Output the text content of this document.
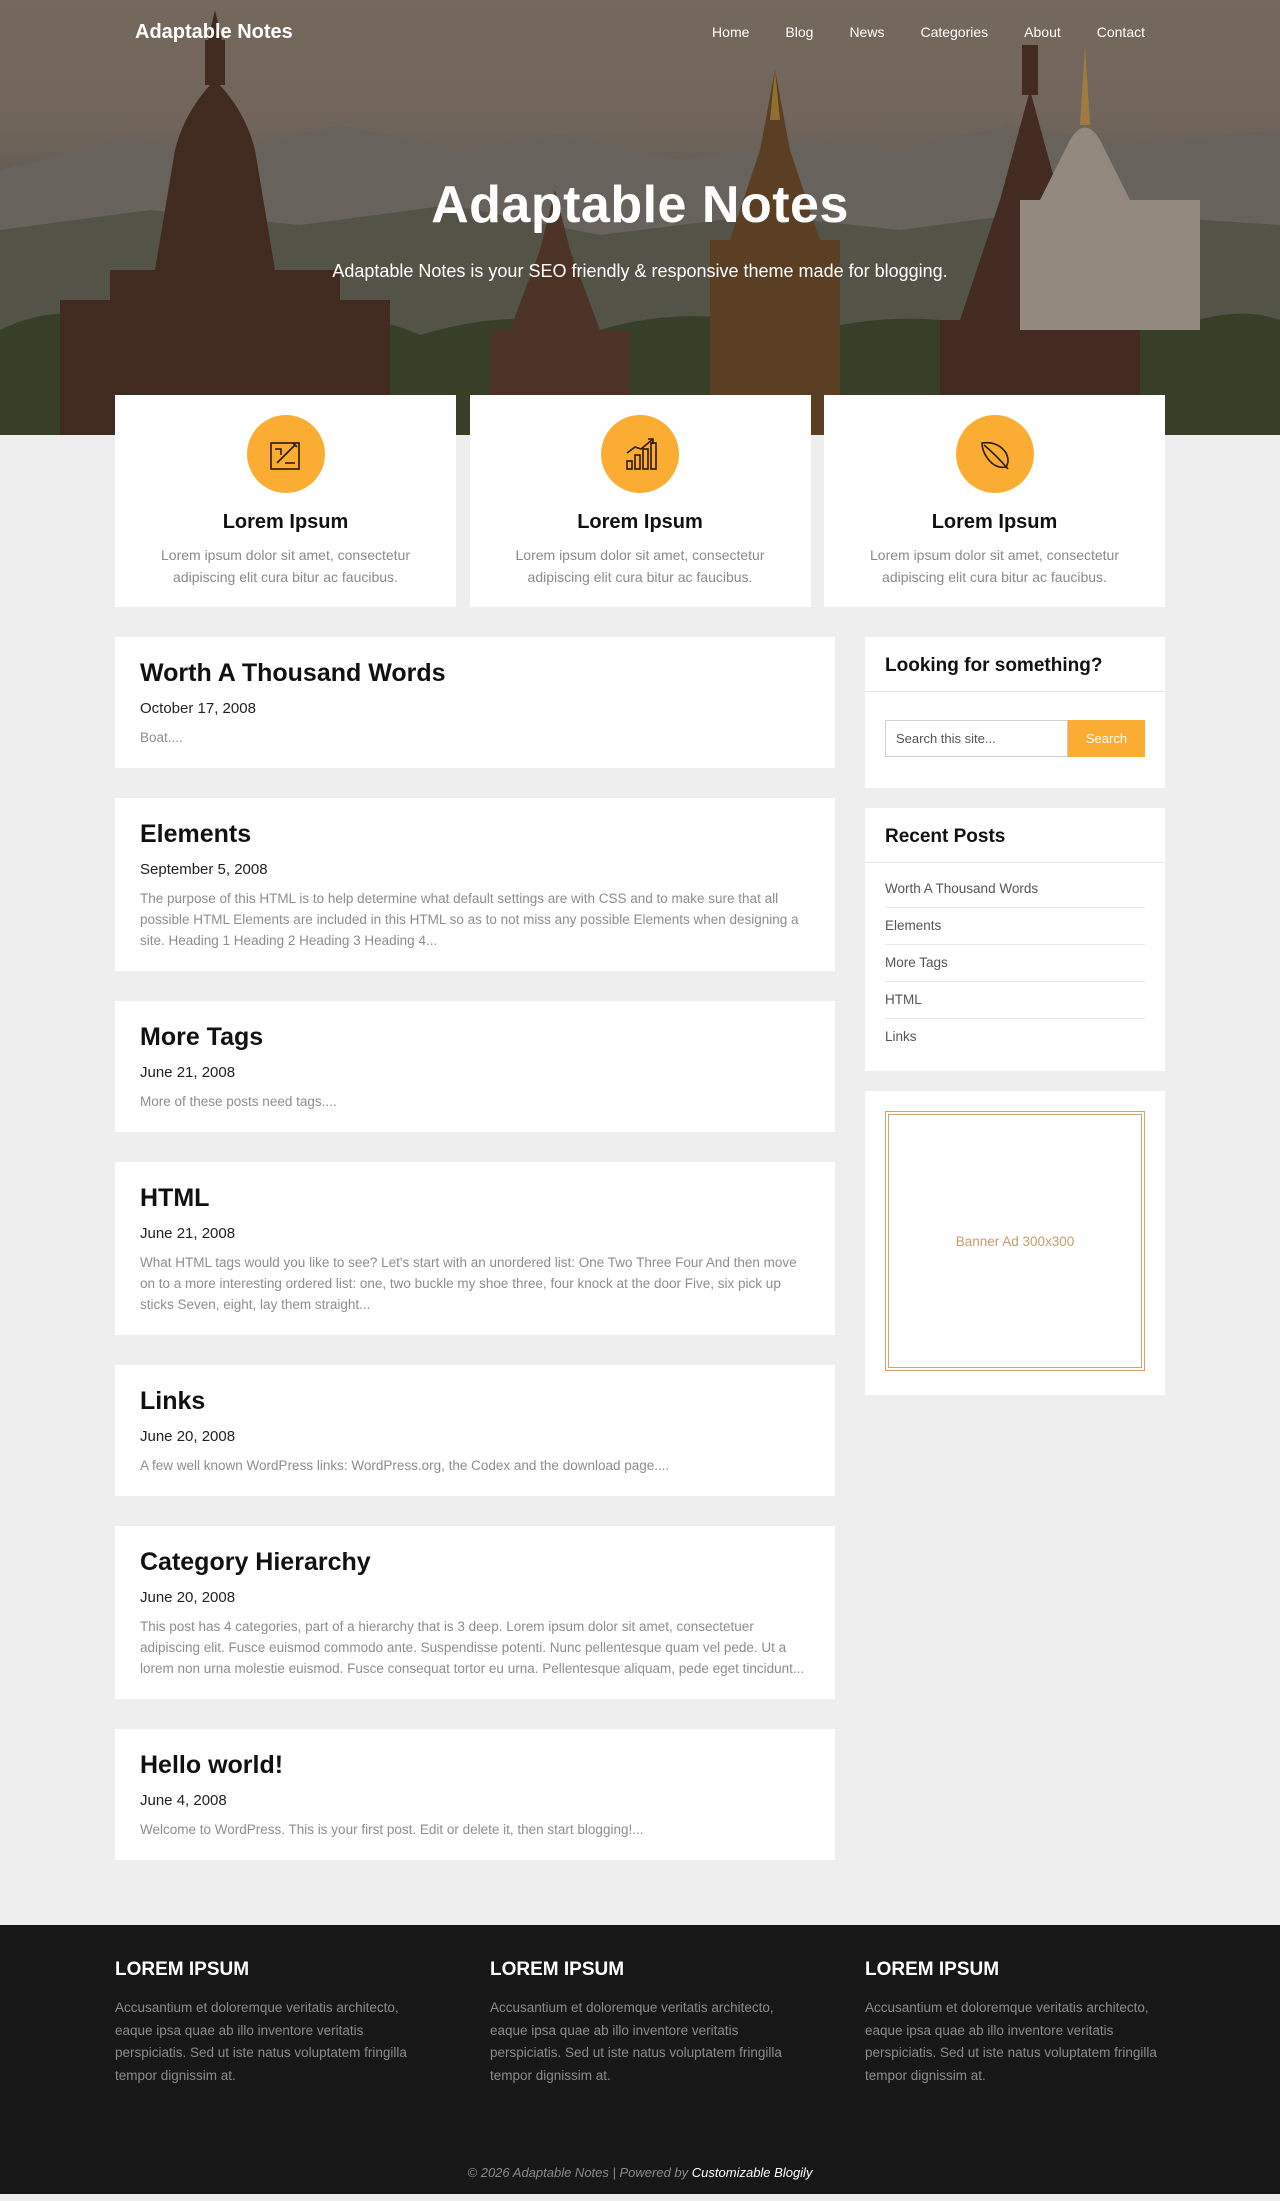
Adaptable Notes	Home	Blog	News	Categories	About	Contact
Adaptable Notes

Adaptable Notes is your SEO friendly & responsive theme made for blogging.

Lorem Ipsum

Lorem ipsum dolor sit amet, consectetur adipiscing elit cura bitur ac faucibus.

Lorem Ipsum

Lorem ipsum dolor sit amet, consectetur adipiscing elit cura bitur ac faucibus.

Lorem Ipsum

Lorem ipsum dolor sit amet, consectetur adipiscing elit cura bitur ac faucibus.

Worth A Thousand Words
October 17, 2008

Boat....

Elements
September 5, 2008

The purpose of this HTML is to help determine what default settings are with CSS and to make sure that all possible HTML Elements are included in this HTML so as to not miss any possible Elements when designing a site. Heading 1 Heading 2 Heading 3 Heading 4...

More Tags
June 21, 2008

More of these posts need tags....

HTML
June 21, 2008

What HTML tags would you like to see? Let's start with an unordered list: One Two Three Four And then move on to a more interesting ordered list: one, two buckle my shoe three, four knock at the door Five, six pick up sticks Seven, eight, lay them straight...

Links
June 20, 2008

A few well known WordPress links: WordPress.org, the Codex and the download page....

Category Hierarchy
June 20, 2008

This post has 4 categories, part of a hierarchy that is 3 deep. Lorem ipsum dolor sit amet, consectetuer adipiscing elit. Fusce euismod commodo ante. Suspendisse potenti. Nunc pellentesque quam vel pede. Ut a lorem non urna molestie euismod. Fusce consequat tortor eu urna. Pellentesque aliquam, pede eget tincidunt...

Hello world!
June 4, 2008

Welcome to WordPress. This is your first post. Edit or delete it, then start blogging!...

Looking for something?
Search this site...
Search
Recent Posts
Worth A Thousand Words
Elements
More Tags
HTML
Links
Banner Ad 300x300
LOREM IPSUM

Accusantium et doloremque veritatis architecto, eaque ipsa quae ab illo inventore veritatis perspiciatis. Sed ut iste natus voluptatem fringilla tempor dignissim at.

LOREM IPSUM

Accusantium et doloremque veritatis architecto, eaque ipsa quae ab illo inventore veritatis perspiciatis. Sed ut iste natus voluptatem fringilla tempor dignissim at.

LOREM IPSUM

Accusantium et doloremque veritatis architecto, eaque ipsa quae ab illo inventore veritatis perspiciatis. Sed ut iste natus voluptatem fringilla tempor dignissim at.

© 2026 Adaptable Notes | Powered by Customizable Blogily
